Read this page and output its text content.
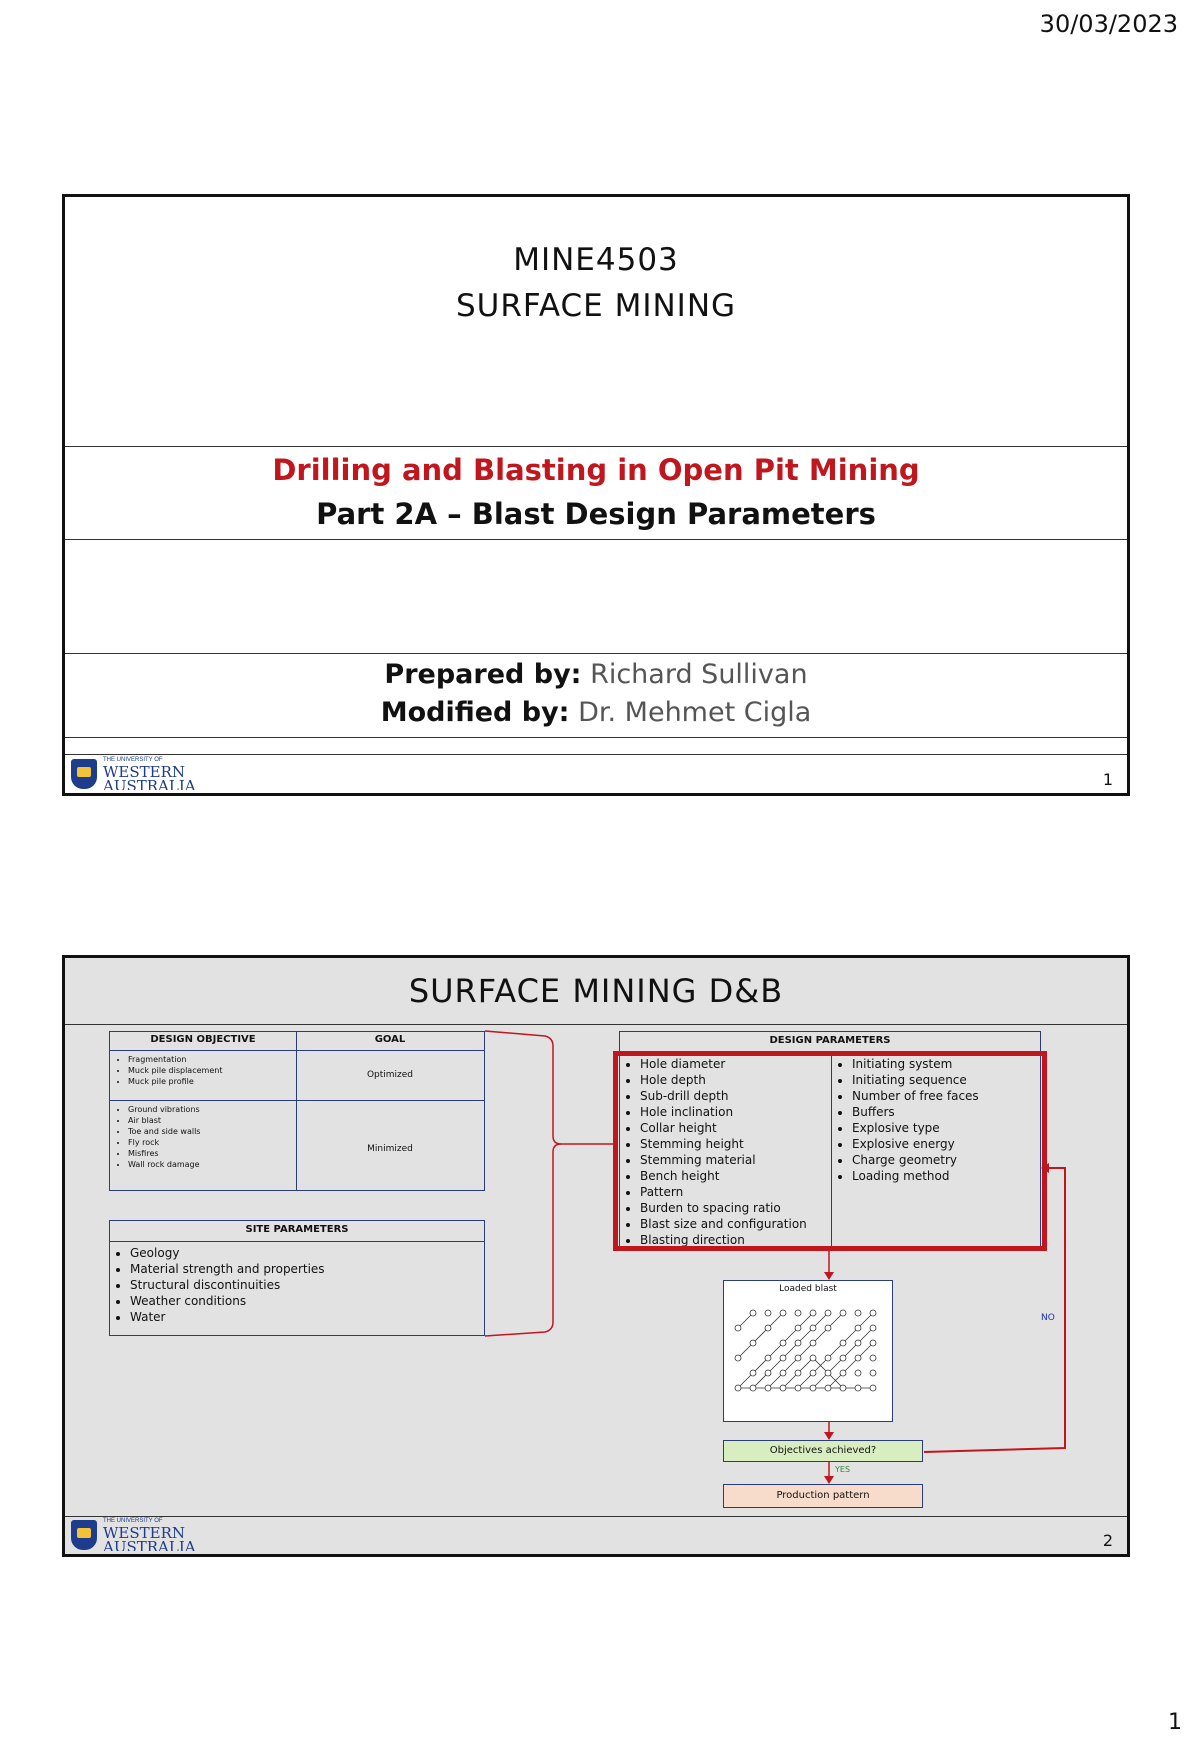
30/03/2023
MINE4503
SURFACE MINING
Drilling and Blasting in Open Pit Mining
Part 2A – Blast Design Parameters
Prepared by: Richard Sullivan
Modified by: Dr. Mehmet Cigla
THE UNIVERSITY OF
WESTERN
AUSTRALIA	1
SURFACE MINING D&B
DESIGN OBJECTIVE	GOAL
• Fragmentation
• Muck pile displacement
• Muck pile profile
Optimized
• Ground vibrations
• Air blast
• Toe and side walls
• Fly rock
• Misfires
• Wall rock damage
Minimized
SITE PARAMETERS
• Geology
• Material strength and properties
• Structural discontinuities
• Weather conditions
• Water
DESIGN PARAMETERS
• Hole diameter
• Hole depth
• Sub-drill depth
• Hole inclination
• Collar height
• Stemming height
• Stemming material
• Bench height
• Pattern
• Burden to spacing ratio
• Blast size and configuration
• Blasting direction
• Initiating system
• Initiating sequence
• Number of free faces
• Buffers
• Explosive type
• Explosive energy
• Charge geometry
• Loading method
Loaded blast
Objectives achieved?
YES
NO
Production pattern
THE UNIVERSITY OF
WESTERN
AUSTRALIA	2
1
